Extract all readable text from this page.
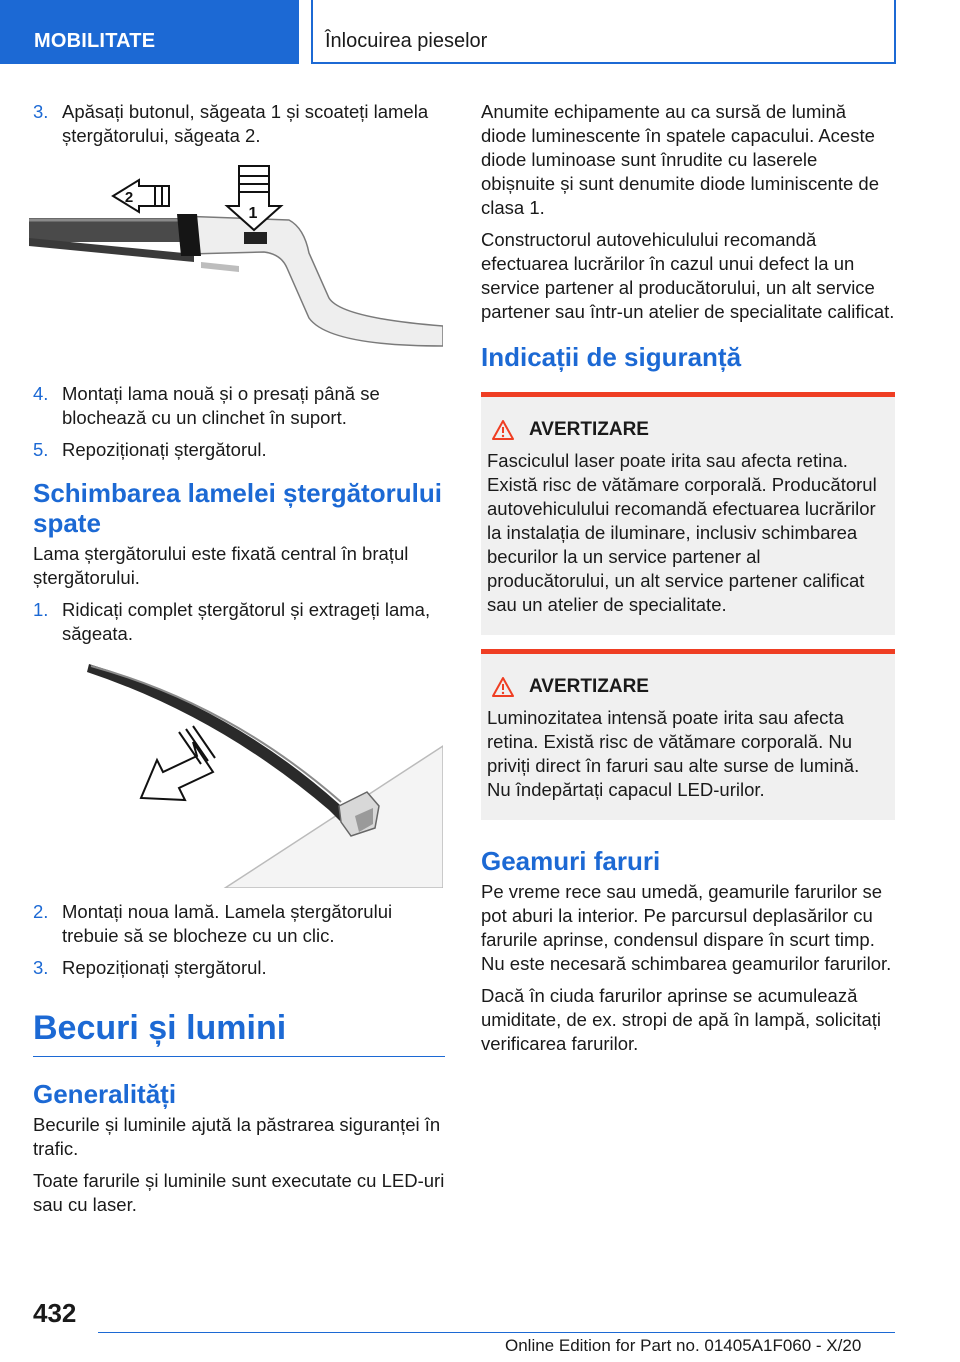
MOBILITATE	Înlocuirea pieselor
3. Apăsați butonul, săgeata 1 și scoateți lamela ștergătorului, săgeata 2.
1
2
4. Montați lama nouă și o presați până se blochează cu un clinchet în suport.
5. Repoziționați ștergătorul.
Schimbarea lamelei ștergătorului spate

Lama ștergătorului este fixată central în brațul ștergătorului.

1. Ridicați complet ștergătorul și extrageți lama, săgeata.
2. Montați noua lamă. Lamela ștergătorului trebuie să se blocheze cu un clic.
3. Repoziționați ștergătorul.
Becuri și lumini
Generalități

Becurile și luminile ajută la păstrarea siguranței în trafic.

Toate farurile și luminile sunt executate cu LED-uri sau cu laser.

Anumite echipamente au ca sursă de lumină diode luminescente în spatele capacului. Aceste diode luminoase sunt înrudite cu laserele obișnuite și sunt denumite diode luminiscente de clasa 1.

Constructorul autovehiculului recomandă efectuarea lucrărilor în cazul unui defect la un service partener al producătorului, un alt service partener sau într-un atelier de specialitate calificat.

Indicații de siguranță
AVERTIZARE

Fasciculul laser poate irita sau afecta retina. Există risc de vătămare corporală. Producătorul autovehiculului recomandă efectuarea lucrărilor la instalația de iluminare, inclusiv schimbarea becurilor la un service partener al producătorului, un alt service partener calificat sau un atelier de specialitate.

AVERTIZARE

Luminozitatea intensă poate irita sau afecta retina. Există risc de vătămare corporală. Nu priviți direct în faruri sau alte surse de lumină. Nu îndepărtați capacul LED-urilor.

Geamuri faruri

Pe vreme rece sau umedă, geamurile farurilor se pot aburi la interior. Pe parcursul deplasărilor cu farurile aprinse, condensul dispare în scurt timp. Nu este necesară schimbarea geamurilor farurilor.

Dacă în ciuda farurilor aprinse se acumulează umiditate, de ex. stropi de apă în lampă, solicitați verificarea farurilor.

432
Online Edition for Part no. 01405A1F060 - X/20
